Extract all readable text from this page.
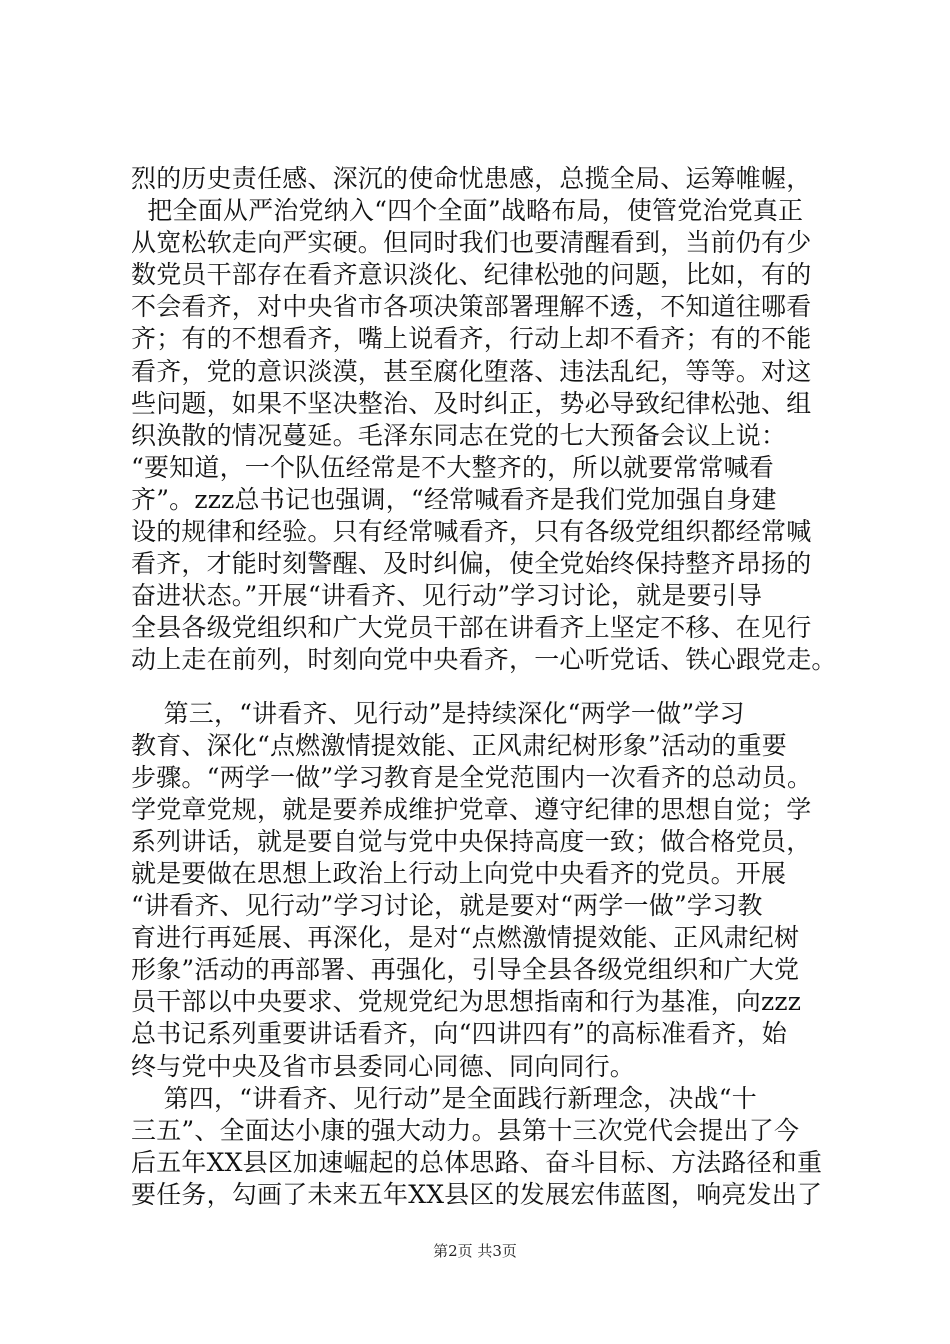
烈的历史责任感、深沉的使命忧患感，总揽全局、运筹帷幄，
把全面从严治党纳入“四个全面”战略布局，使管党治党真正
从宽松软走向严实硬。但同时我们也要清醒看到，当前仍有少
数党员干部存在看齐意识淡化、纪律松弛的问题，比如，有的
不会看齐，对中央省市各项决策部署理解不透，不知道往哪看
齐；有的不想看齐，嘴上说看齐，行动上却不看齐；有的不能
看齐，党的意识淡漠，甚至腐化堕落、违法乱纪，等等。对这
些问题，如果不坚决整治、及时纠正，势必导致纪律松弛、组
织涣散的情况蔓延。毛泽东同志在党的七大预备会议上说：
“要知道，一个队伍经常是不大整齐的，所以就要常常喊看
齐”。zzz总书记也强调，“经常喊看齐是我们党加强自身建
设的规律和经验。只有经常喊看齐，只有各级党组织都经常喊
看齐，才能时刻警醒、及时纠偏，使全党始终保持整齐昂扬的
奋进状态。”开展“讲看齐、见行动”学习讨论，就是要引导
全县各级党组织和广大党员干部在讲看齐上坚定不移、在见行
动上走在前列，时刻向党中央看齐，一心听党话、铁心跟党走。
第三，“讲看齐、见行动”是持续深化“两学一做”学习
教育、深化“点燃激情提效能、正风肃纪树形象”活动的重要
步骤。“两学一做”学习教育是全党范围内一次看齐的总动员。
学党章党规，就是要养成维护党章、遵守纪律的思想自觉；学
系列讲话，就是要自觉与党中央保持高度一致；做合格党员，
就是要做在思想上政治上行动上向党中央看齐的党员。开展
“讲看齐、见行动”学习讨论，就是要对“两学一做”学习教
育进行再延展、再深化，是对“点燃激情提效能、正风肃纪树
形象”活动的再部署、再强化，引导全县各级党组织和广大党
员干部以中央要求、党规党纪为思想指南和行为基准，向zzz
总书记系列重要讲话看齐，向“四讲四有”的高标准看齐，始
终与党中央及省市县委同心同德、同向同行。
第四，“讲看齐、见行动”是全面践行新理念，决战“十
三五”、全面达小康的强大动力。县第十三次党代会提出了今
后五年XX县区加速崛起的总体思路、奋斗目标、方法路径和重
要任务，勾画了未来五年XX县区的发展宏伟蓝图，响亮发出了
第2页 共3页
